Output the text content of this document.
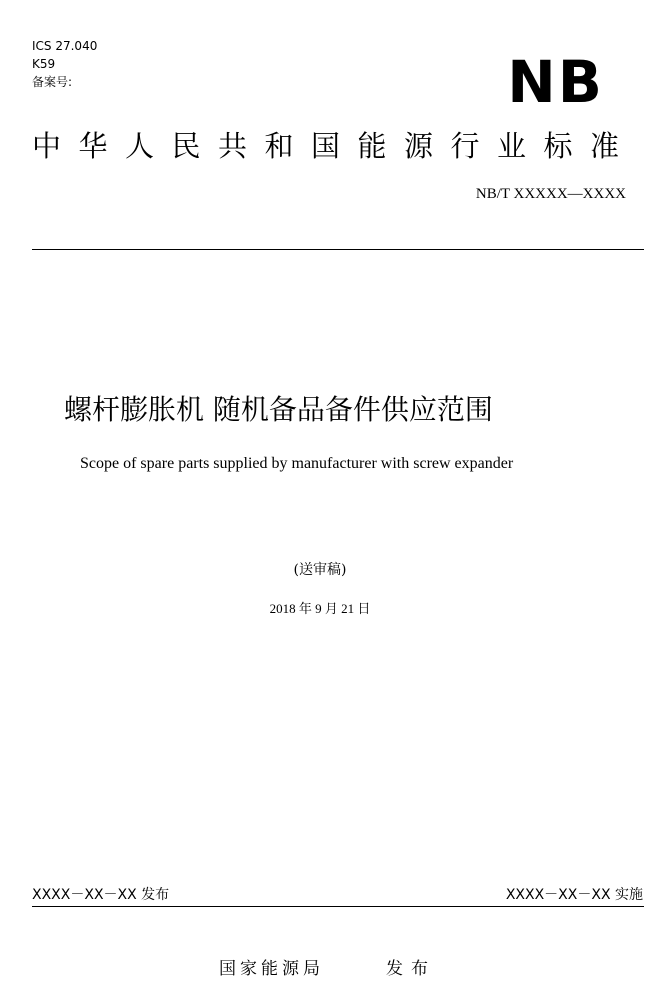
ICS 27.040
K59
备案号:	NB
中华人民共和国能源行业标准
NB/T XXXXX—XXXX
螺杆膨胀机 随机备品备件供应范围
Scope of spare parts supplied by manufacturer with screw expander
(送审稿)
2018 年 9 月 21 日
XXXX－XX－XX 发布	XXXX－XX－XX 实施
国家能源局	发布
